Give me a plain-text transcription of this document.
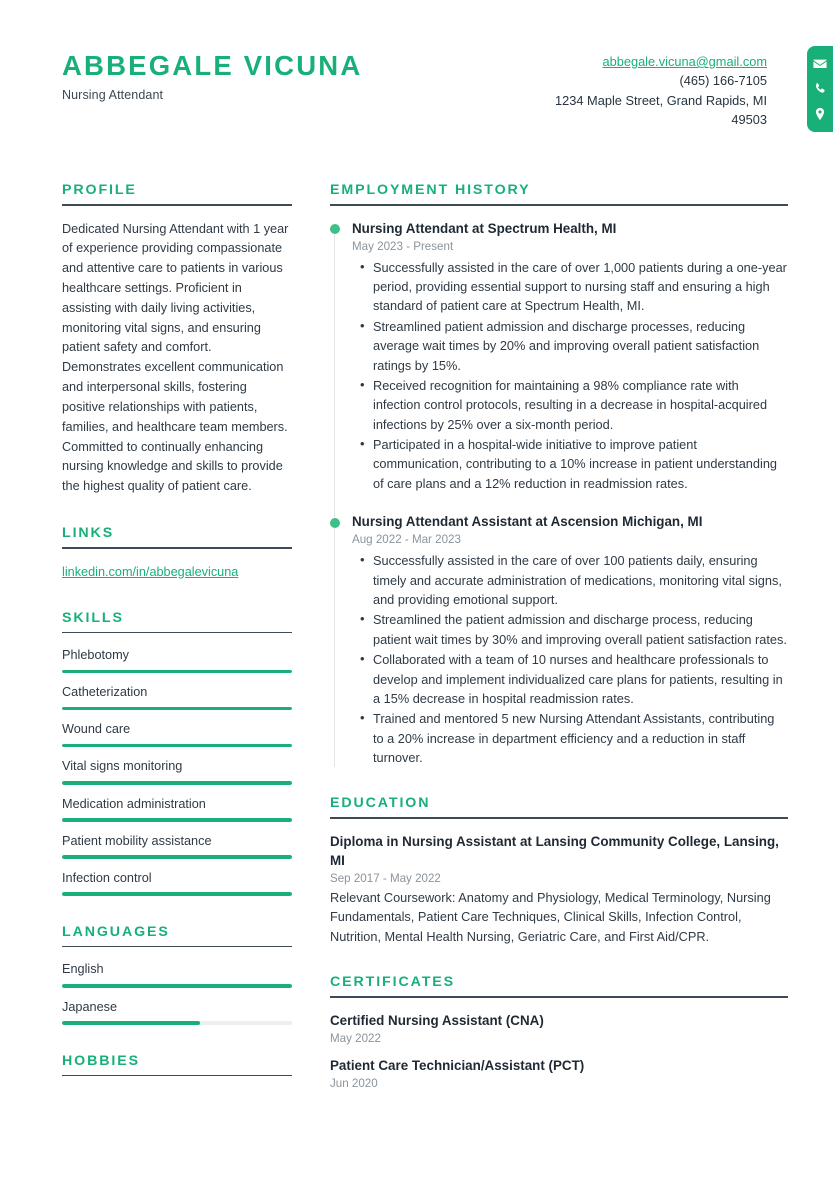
ABBEGALE VICUNA
Nursing Attendant
abbegale.vicuna@gmail.com
(465) 166-7105
1234 Maple Street, Grand Rapids, MI
49503
PROFILE

Dedicated Nursing Attendant with 1 year of experience providing compassionate and attentive care to patients in various healthcare settings. Proficient in assisting with daily living activities, monitoring vital signs, and ensuring patient safety and comfort. Demonstrates excellent communication and interpersonal skills, fostering positive relationships with patients, families, and healthcare team members. Committed to continually enhancing nursing knowledge and skills to provide the highest quality of patient care.

LINKS
linkedin.com/in/abbegalevicuna
SKILLS
Phlebotomy
Catheterization
Wound care
Vital signs monitoring
Medication administration
Patient mobility assistance
Infection control
LANGUAGES
English
Japanese
HOBBIES
EMPLOYMENT HISTORY
Nursing Attendant at Spectrum Health, MI
May 2023 - Present
• Successfully assisted in the care of over 1,000 patients during a one-year period, providing essential support to nursing staff and ensuring a high standard of patient care at Spectrum Health, MI.
• Streamlined patient admission and discharge processes, reducing average wait times by 20% and improving overall patient satisfaction ratings by 15%.
• Received recognition for maintaining a 98% compliance rate with infection control protocols, resulting in a decrease in hospital-acquired infections by 25% over a six-month period.
• Participated in a hospital-wide initiative to improve patient communication, contributing to a 10% increase in patient understanding of care plans and a 12% reduction in readmission rates.
Nursing Attendant Assistant at Ascension Michigan, MI
Aug 2022 - Mar 2023
• Successfully assisted in the care of over 100 patients daily, ensuring timely and accurate administration of medications, monitoring vital signs, and providing emotional support.
• Streamlined the patient admission and discharge process, reducing patient wait times by 30% and improving overall patient satisfaction rates.
• Collaborated with a team of 10 nurses and healthcare professionals to develop and implement individualized care plans for patients, resulting in a 15% decrease in hospital readmission rates.
• Trained and mentored 5 new Nursing Attendant Assistants, contributing to a 20% increase in department efficiency and a reduction in staff turnover.
EDUCATION
Diploma in Nursing Assistant at Lansing Community College, Lansing, MI
Sep 2017 - May 2022

Relevant Coursework: Anatomy and Physiology, Medical Terminology, Nursing Fundamentals, Patient Care Techniques, Clinical Skills, Infection Control, Nutrition, Mental Health Nursing, Geriatric Care, and First Aid/CPR.

CERTIFICATES
Certified Nursing Assistant (CNA)
May 2022
Patient Care Technician/Assistant (PCT)
Jun 2020
